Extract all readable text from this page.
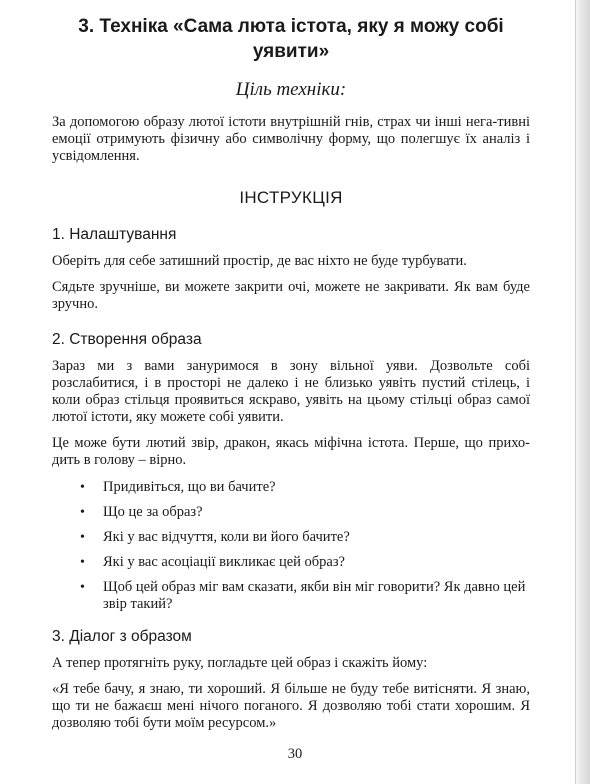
3. Техніка «Сама люта істота, яку я можу собі
уявити»
Ціль техніки:

За допомогою образу лютої істоти внутрішній гнів, страх чи інші нега-тивні емоції отримують фізичну або символічну форму, що полегшує їх аналіз і усвідомлення.

ІНСТРУКЦІЯ
1. Налаштування

Оберіть для себе затишний простір, де вас ніхто не буде турбувати.

Сядьте зручніше, ви можете закрити очі, можете не закривати. Як вам буде зручно.

2. Створення образа

Зараз ми з вами зануримося в зону вільної уяви. Дозвольте собі розслабитися, і в просторі не далеко і не близько уявіть пустий стілець, і коли образ стільця проявиться яскраво, уявіть на цьому стільці образ самої лютої істоти, яку можете собі уявити.

Це може бути лютий звір, дракон, якась міфічна істота. Перше, що прихо-дить в голову – вірно.

• Придивіться, що ви бачите?
• Що це за образ?
• Які у вас відчуття, коли ви його бачите?
• Які у вас асоціації викликає цей образ?
• Щоб цей образ міг вам сказати, якби він міг говорити? Як давно цей звір такий?
3. Діалог з образом

А тепер протягніть руку, погладьте цей образ і скажіть йому:

«Я тебе бачу, я знаю, ти хороший. Я більше не буду тебе витісняти. Я знаю, що ти не бажаєш мені нічого поганого. Я дозволяю тобі стати хорошим. Я дозволяю тобі бути моїм ресурсом.»

30
